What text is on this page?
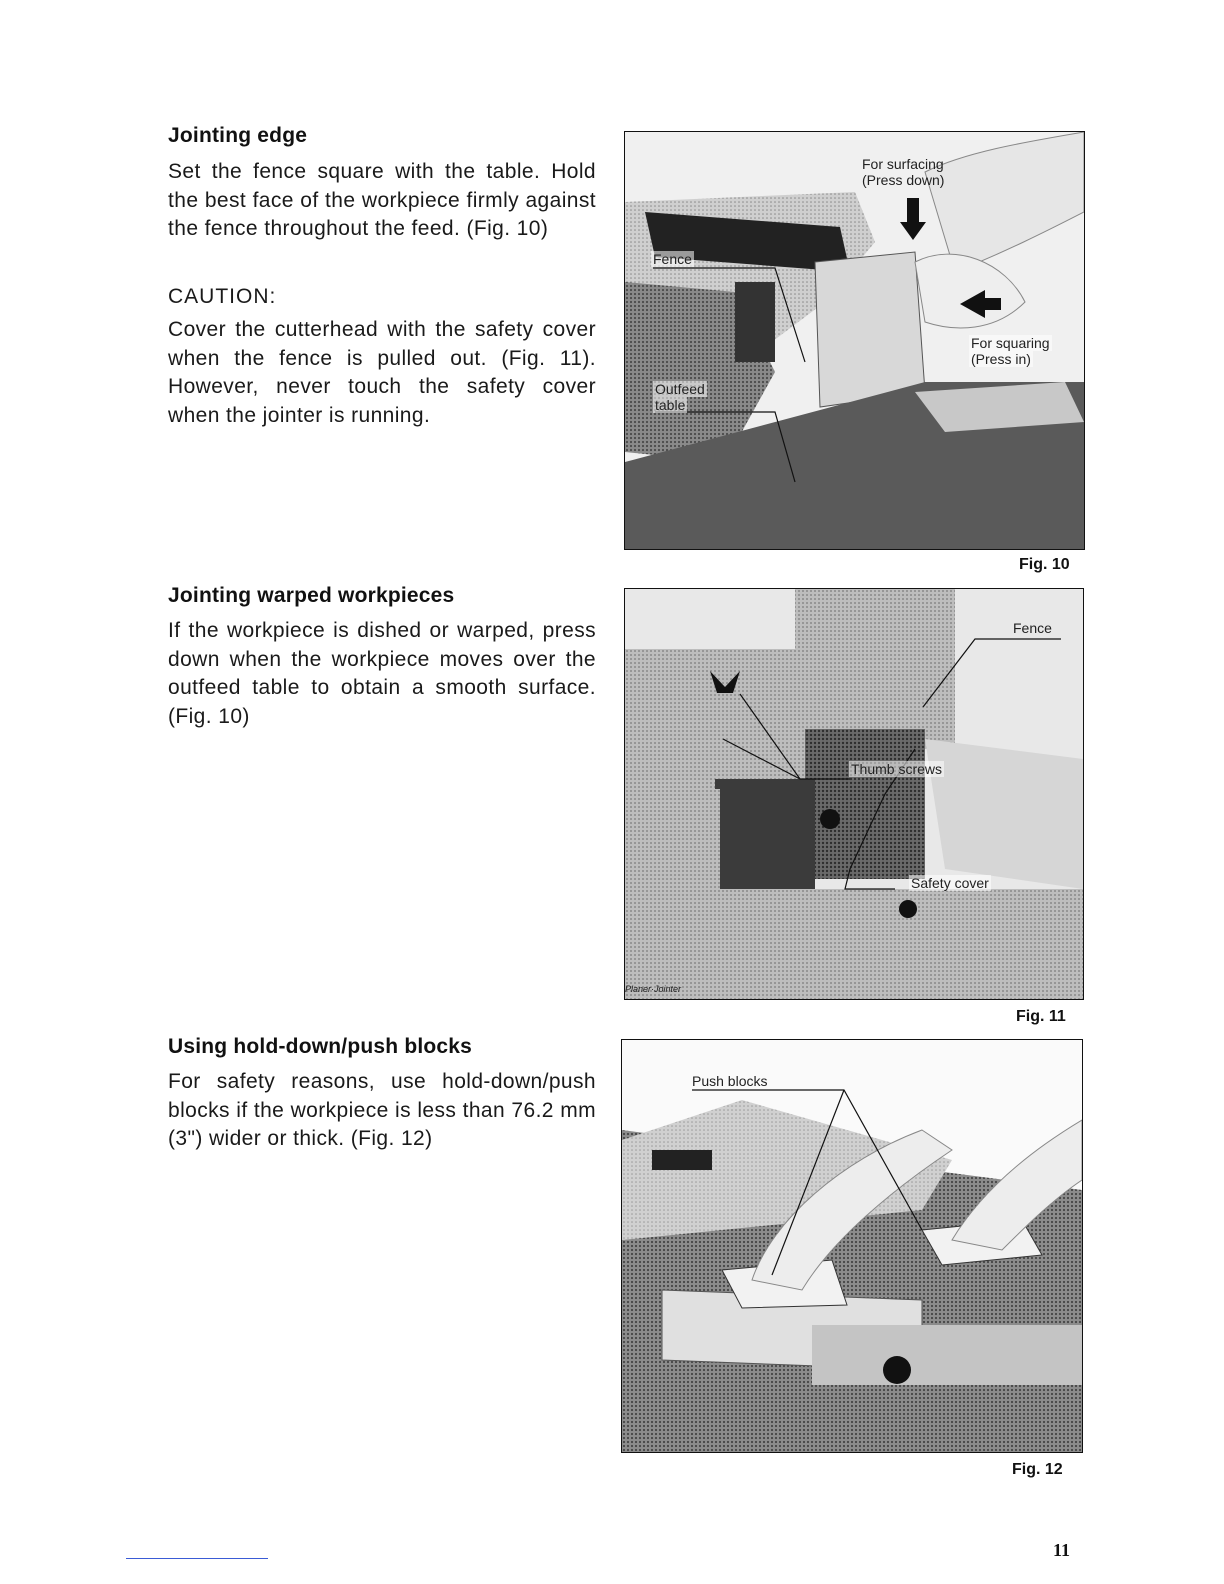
Jointing edge
Set the fence square with the table. Hold the best face of the workpiece firmly against the fence throughout the feed. (Fig. 10)
CAUTION:
Cover the cutterhead with the safety cover when the fence is pulled out. (Fig. 11). However, never touch the safety cover when the jointer is running.
Jointing warped workpieces
If the workpiece is dished or warped, press down when the workpiece moves over the outfeed table to obtain a smooth surface. (Fig. 10)
Using hold-down/push blocks
For safety reasons, use hold-down/push blocks if the workpiece is less than 76.2 mm (3") wider or thick. (Fig. 12)
For surfacing
(Press down)
Fence
For squaring
(Press in)
Outfeed
table
Fig. 10
Fence
Thumb screws
Safety cover
Planer·Jointer
Fig. 11
Push blocks
Fig. 12
11
